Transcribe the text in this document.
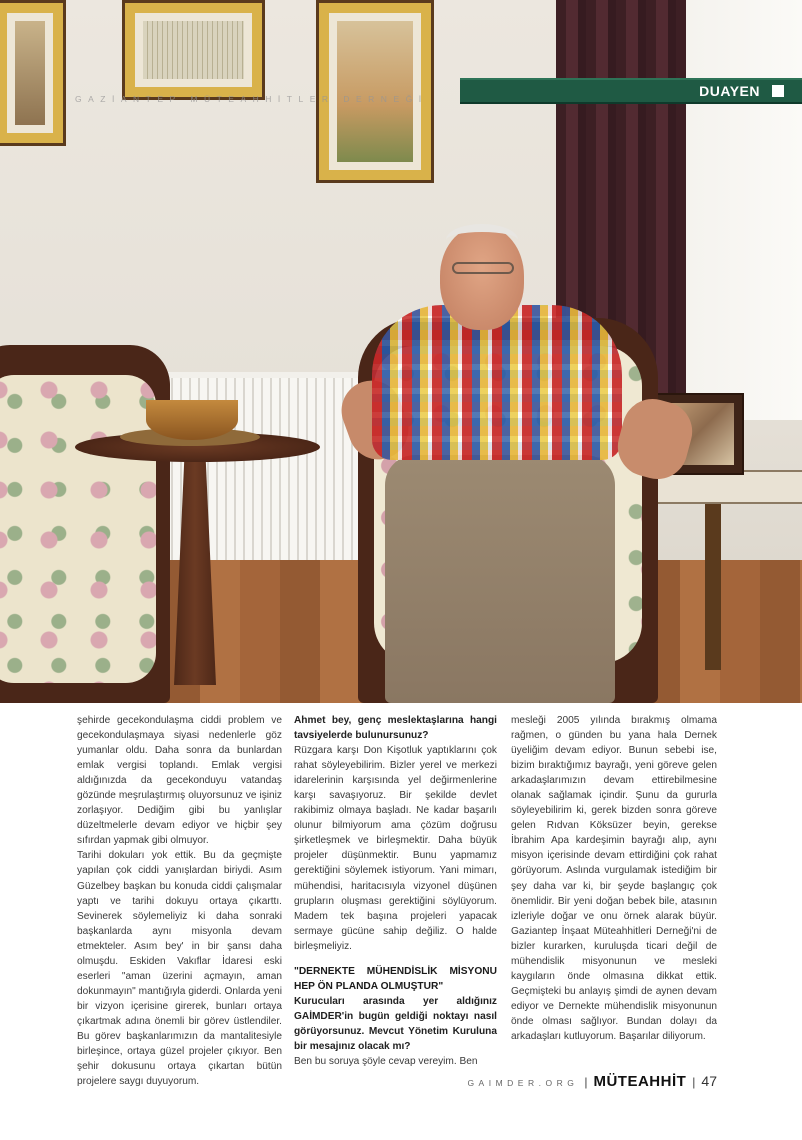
GAZİANTEP MÜTEAHHİTLER DERNEĞİ	DUAYEN

şehirde gecekondulaşma ciddi problem ve gecekondulaşmaya siyasi nedenlerle göz yumanlar oldu. Daha sonra da bunlardan emlak vergisi toplandı. Emlak vergisi aldığınızda da gecekonduyu vatandaş gözünde meşrulaştırmış oluyorsunuz ve işiniz zorlaşıyor. Dediğim gibi bu yanlışlar düzeltmelerle devam ediyor ve hiçbir şey sıfırdan yapmak gibi olmuyor.

Tarihi dokuları yok ettik. Bu da geçmişte yapılan çok ciddi yanışlardan biriydi. Asım Güzelbey başkan bu konuda ciddi çalışmalar yaptı ve tarihi dokuyu ortaya çıkarttı. Sevinerek söylemeliyiz ki daha sonraki başkanlarda aynı misyonla devam etmekteler. Asım bey' in bir şansı daha olmuşdu. Eskiden Vakıflar İdaresi eski eserleri "aman üzerini açmayın, aman dokunmayın" mantığıyla giderdi. Onlarda yeni bir vizyon içerisine girerek, bunları ortaya çıkartmak adına önemli bir görev üstlendiler. Bu görev başkanlarımızın da mantalitesiyle birleşince, ortaya güzel projeler çıkıyor. Ben şehir dokusunu ortaya çıkartan bütün projelere saygı duyuyorum.

Ahmet bey, genç meslektaşlarına hangi tavsiyelerde bulunursunuz?

Rüzgara karşı Don Kişotluk yaptıklarını çok rahat söyleyebilirim. Bizler yerel ve merkezi idarelerinin karşısında yel değirmenlerine karşı savaşıyoruz. Bir şekilde devlet rakibimiz olmaya başladı. Ne kadar başarılı olunur bilmiyorum ama çözüm doğrusu şirketleşmek ve birleşmektir. Daha büyük projeler düşünmektir. Bunu yapmamız gerektiğini söylemek istiyorum. Yani mimarı, mühendisi, haritacısıyla vizyonel düşünen grupların oluşması gerektiğini söylüyorum. Madem tek başına projeleri yapacak sermaye gücüne sahip değiliz. O halde birleşmeliyiz.

"DERNEKTE MÜHENDİSLİK MİSYONU HEP ÖN PLANDA OLMUŞTUR"

Kurucuları arasında yer aldığınız GAİMDER'in bugün geldiği noktayı nasıl görüyorsunuz. Mevcut Yönetim Kuruluna bir mesajınız olacak mı?

Ben bu soruya şöyle cevap vereyim. Ben

mesleği 2005 yılında bırakmış olmama rağmen, o günden bu yana hala Dernek üyeliğim devam ediyor. Bunun sebebi ise, bizim bıraktığımız bayrağı, yeni göreve gelen arkadaşlarımızın devam ettirebilmesine olanak sağlamak içindir. Şunu da gururla söyleyebilirim ki, gerek bizden sonra göreve gelen Rıdvan Köksüzer beyin, gerekse İbrahim Apa kardeşimin bayrağı alıp, aynı misyon içerisinde devam ettirdiğini çok rahat görüyorum. Aslında vurgulamak istediğim bir şey daha var ki, bir şeyde başlangıç çok önemlidir. Bir yeni doğan bebek bile, atasının izleriyle doğar ve onu örnek alarak büyür. Gaziantep İnşaat Müteahhitleri Derneği'ni de bizler kurarken, kuruluşda ticari değil de mühendislik misyonunun ve mesleki kaygıların önde olmasına dikkat ettik. Geçmişteki bu anlayış şimdi de aynen devam ediyor ve Dernekte mühendislik misyonunun önde olması sağlıyor. Bundan dolayı da arkadaşları kutluyorum. Başarılar diliyorum.

GAIMDER.ORG | MÜTEAHHİT | 47
